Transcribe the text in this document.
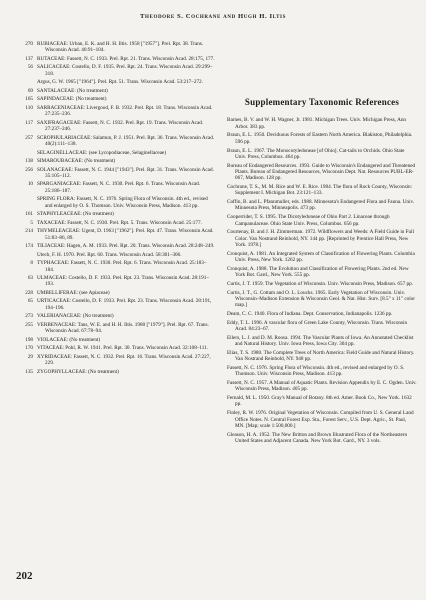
Theodore S. Cochrane and Hugh H. Iltis
270 RUBIACEAE: Urban, E. K. and H. H. Iltis. 1958 ["1957"]. Prel. Rpt. 38. Trans. Wisconsin Acad. 46:91–104.
137 RUTACEAE: Fassett, N. C. 1933. Prel. Rpt. 21. Trans. Wisconsin Acad. 28:175, 177.
56 SALICACEAE: Costello, D. F. 1935. Prel. Rpt. 24. Trans. Wisconsin Acad. 29:299–318.
Argus, G. W. 1965 ["1964"]. Prel. Rpt. 51. Trans. Wisconsin Acad. 53:217–272.
69 SANTALACEAE: (No treatment)
165 SAPINDACEAE: (No treatment)
110 SARRACENIACEAE: Livergood, F. B. 1932. Prel. Rpt. 18. Trans. Wisconsin Acad. 27:235–236.
117 SAXIFRAGACEAE: Fassett, N. C. 1932. Prel. Rpt. 19. Trans. Wisconsin Acad. 27:237–246.
257 SCROPHULARIACEAE: Salamun, P. J. 1951. Prel. Rpt. 36. Trans. Wisconsin Acad. 40(2):111–138.
SELAGINELLACEAE: (see Lycopodiaceae, Selaginellaceae)
138 SIMAROUBACEAE: (No treatment)
256 SOLANACEAE: Fassett, N. C. 1944 ["1943"]. Prel. Rpt. 31. Trans. Wisconsin Acad. 35:105–112.
10 SPARGANIACEAE: Fassett, N. C. 1930. Prel. Rpt. 6. Trans. Wisconsin Acad. 25:186–187.
SPRING FLORA: Fassett, N. C. 1976. Spring Flora of Wisconsin. 4th ed., revised and enlarged by O. S. Thomson. Univ. Wisconsin Press, Madison. 413 pp.
161 STAPHYLEACEAE: (No treatment)
5 TAXACEAE: Fassett, N. C. 1930. Prel. Rpt. 5. Trans. Wisconsin Acad. 25:177.
214 THYMELEACEAE: Ugent, D. 1963 ["1962"]. Prel. Rpt. 47. Trans. Wisconsin Acad. 51:83–86, 89.
174 TILIACEAE: Hagen, A. M. 1933. Prel. Rpt. 20. Trans. Wisconsin Acad. 28:248–249.
Utech, F. H. 1970. Prel. Rpt. 60. Trans. Wisconsin Acad. 58:301–306.
8 TYPHACEAE: Fassett, N. C. 1930. Prel. Rpt. 6. Trans. Wisconsin Acad. 25:183–184.
63 ULMACEAE: Costello, D. F. 1933. Prel. Rpt. 23. Trans. Wisconsin Acad. 28:191–193.
228 UMBELLIFERAE: (see Apiaceae)
65 URTICACEAE: Costello, D. F. 1933. Prel. Rpt. 23. Trans. Wisconsin Acad. 28:191, 194–196.
273 VALERIANACEAE: (No treatment)
255 VERBENACEAE: Tans, W. E. and H. H. Iltis. 1980 ["1979"]. Prel. Rpt. 67. Trans. Wisconsin Acad. 67:78–94.
198 VIOLACEAE: (No treatment)
170 VITACEAE: Pohl, R. W. 1941. Prel. Rpt. 30. Trans. Wisconsin Acad. 32:108–111.
29 XYRIDACEAE: Fassett, N. C. 1932. Prel. Rpt. 16. Trans. Wisconsin Acad. 27:227, 229.
135 ZYGOPHYLLACEAE: (No treatment)
Supplementary Taxonomic References
Barnes, B. V. and W. H. Wagner, Jr. 1981. Michigan Trees. Univ. Michigan Press, Ann Arbor. 383 pp.
Braun, E. L. 1950. Deciduous Forests of Eastern North America. Blakiston, Philadelphia. 596 pp.
Braun, E. L. 1967. The Monocotyledoneae [of Ohio]. Cat-tails to Orchids. Ohio State Univ. Press, Columbus. 464 pp.
Bureau of Endangered Resources. 1993. Guide to Wisconsin's Endangered and Threatened Plants. Bureau of Endangered Resources, Wisconsin Dept. Nat. Resources PUBL-ER-067, Madison. 128 pp.
Cochrane, T. S., M. M. Rice and W. E. Rice. 1984. The flora of Rock County, Wisconsin: Supplement I. Michigan Bot. 23:121–133.
Coffin, B. and L. Pfannmuller, eds. 1988. Minnesota's Endangered Flora and Fauna. Univ. Minnesota Press, Minneapolis. 473 pp.
Cooperrider, T. S. 1995. The Dicotyledoneae of Ohio Part 2. Linaceae through Campanulaceae. Ohio State Univ. Press, Columbus. 656 pp.
Courtenay, B. and J. H. Zimmerman. 1972. Wildflowers and Weeds: A Field Guide in Full Color. Van Nostrand Reinhold, NY. 144 pp. [Reprinted by Prentice Hall Press, New York. 1978.]
Cronquist, A. 1981. An Integrated System of Classification of Flowering Plants. Columbia Univ. Press, New York. 1262 pp.
Cronquist, A. 1988. The Evolution and Classification of Flowering Plants. 2nd ed. New York Bot. Gard., New York. 555 pp.
Curtis, J. T. 1959. The Vegetation of Wisconsin. Univ. Wisconsin Press, Madison. 657 pp.
Curtis, J. T., G. Cottam and O. L. Loucks. 1965. Early Vegetation of Wisconsin. Univ. Wisconsin–Madison Extension & Wisconsin Geol. & Nat. Hist. Surv. [8.5" x 11" color map.]
Deam, C. C. 1940. Flora of Indiana. Dept. Conservation, Indianapolis. 1236 pp.
Eddy, T. L. 1996. A vascular flora of Green Lake County, Wisconsin. Trans. Wisconsin Acad. 84:23–67.
Eilers, L. J. and D. M. Roosa. 1994. The Vascular Plants of Iowa. An Annotated Checklist and Natural History. Univ. Iowa Press, Iowa City. 304 pp.
Elias, T. S. 1980. The Complete Trees of North America: Field Guide and Natural History. Van Nostrand Reinhold, NY. 948 pp.
Fassett, N. C. 1976. Spring Flora of Wisconsin. 4th ed., revised and enlarged by O. S. Thomson. Univ. Wisconsin Press, Madison. 413 pp.
Fassett, N. C. 1957. A Manual of Aquatic Plants. Revision Appendix by E. C. Ogden. Univ. Wisconsin Press, Madison. 405 pp.
Fernald, M. L. 1950. Gray's Manual of Botany. 8th ed. Amer. Book Co., New York. 1632 pp.
Finley, R. W. 1976. Original Vegetation of Wisconsin. Compiled from U. S. General Land Office Notes. N. Central Forest Exp. Sta., Forest Serv., U.S. Dept. Agric., St. Paul, MN. [Map; scale 1:500,000.]
Gleason, H. A. 1952. The New Britton and Brown Illustrated Flora of the Northeastern United States and Adjacent Canada. New York Bot. Gard., NY. 3 vols.
202
